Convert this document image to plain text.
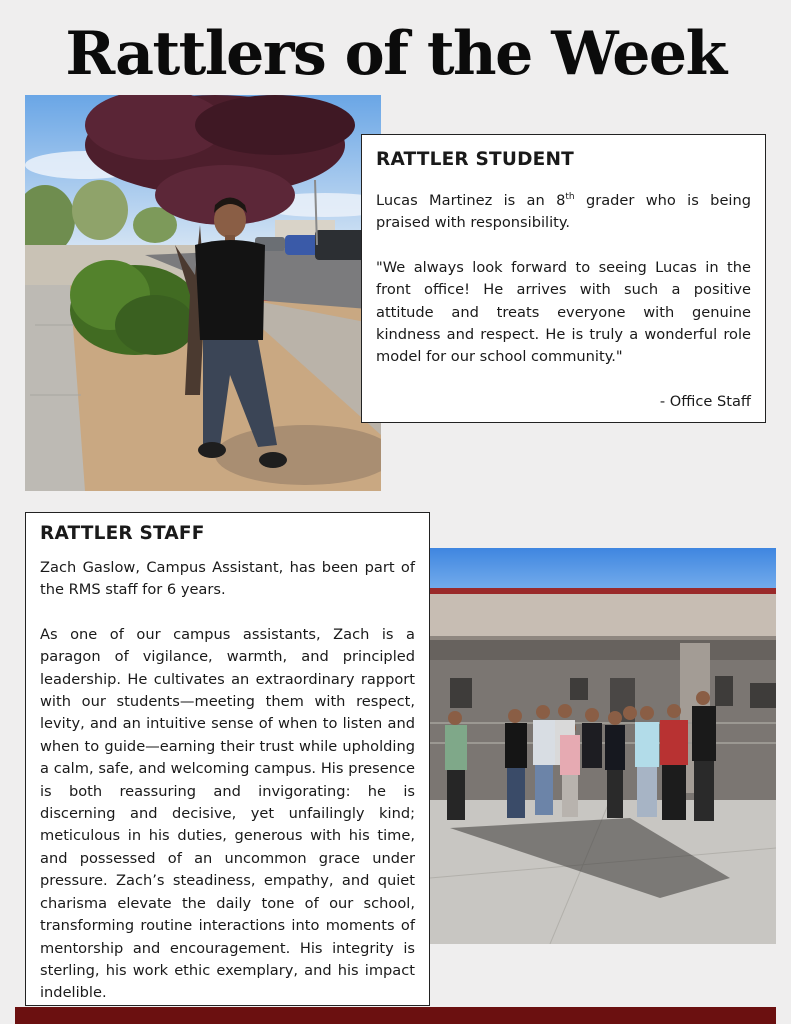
Rattlers of the Week
RATTLER STUDENT

Lucas Martinez is an 8th grader who is being praised with responsibility.

"We always look forward to seeing Lucas in the front office! He arrives with such a positive attitude and treats everyone with genuine kindness and respect. He is truly a wonderful role model for our school community."

- Office Staff

RATTLER STAFF

Zach Gaslow, Campus Assistant, has been part of the RMS staff for 6 years.

As one of our campus assistants, Zach is a paragon of vigilance, warmth, and principled leadership. He cultivates an extraordinary rapport with our students—meeting them with respect, levity, and an intuitive sense of when to listen and when to guide—earning their trust while upholding a calm, safe, and welcoming campus. His presence is both reassuring and invigorating: he is discerning and decisive, yet unfailingly kind; meticulous in his duties, generous with his time, and possessed of an uncommon grace under pressure. Zach’s steadiness, empathy, and quiet charisma elevate the daily tone of our school, transforming routine interactions into moments of mentorship and encouragement. His integrity is sterling, his work ethic exemplary, and his impact indelible.
